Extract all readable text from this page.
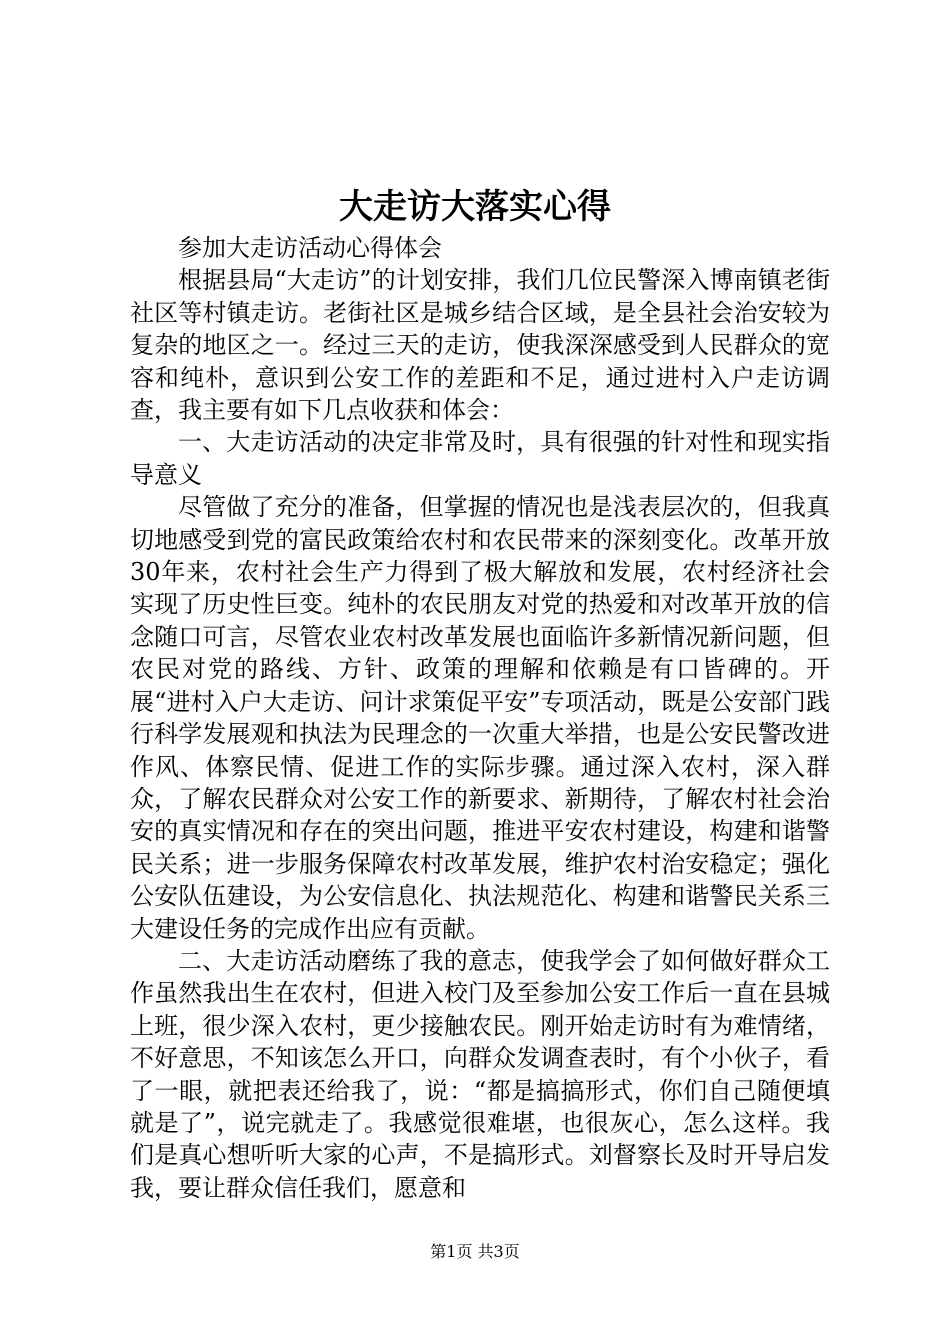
大走访大落实心得

参加大走访活动心得体会

根据县局“大走访”的计划安排，我们几位民警深入博南镇老街社区等村镇走访。老街社区是城乡结合区域，是全县社会治安较为复杂的地区之一。经过三天的走访，使我深深感受到人民群众的宽容和纯朴，意识到公安工作的差距和不足，通过进村入户走访调查，我主要有如下几点收获和体会：

一、大走访活动的决定非常及时，具有很强的针对性和现实指导意义

尽管做了充分的准备，但掌握的情况也是浅表层次的，但我真切地感受到党的富民政策给农村和农民带来的深刻变化。改革开放30年来，农村社会生产力得到了极大解放和发展，农村经济社会实现了历史性巨变。纯朴的农民朋友对党的热爱和对改革开放的信念随口可言，尽管农业农村改革发展也面临许多新情况新问题，但农民对党的路线、方针、政策的理解和依赖是有口皆碑的。开展“进村入户大走访、问计求策促平安”专项活动，既是公安部门践行科学发展观和执法为民理念的一次重大举措，也是公安民警改进作风、体察民情、促进工作的实际步骤。通过深入农村，深入群众，了解农民群众对公安工作的新要求、新期待，了解农村社会治安的真实情况和存在的突出问题，推进平安农村建设，构建和谐警民关系；进一步服务保障农村改革发展，维护农村治安稳定；强化公安队伍建设，为公安信息化、执法规范化、构建和谐警民关系三大建设任务的完成作出应有贡献。

二、大走访活动磨练了我的意志，使我学会了如何做好群众工作虽然我出生在农村，但进入校门及至参加公安工作后一直在县城上班，很少深入农村，更少接触农民。刚开始走访时有为难情绪，不好意思，不知该怎么开口，向群众发调查表时，有个小伙子，看了一眼，就把表还给我了，说：“都是搞搞形式，你们自己随便填就是了”，说完就走了。我感觉很难堪，也很灰心，怎么这样。我们是真心想听听大家的心声，不是搞形式。刘督察长及时开导启发我，要让群众信任我们，愿意和

第1页 共3页
